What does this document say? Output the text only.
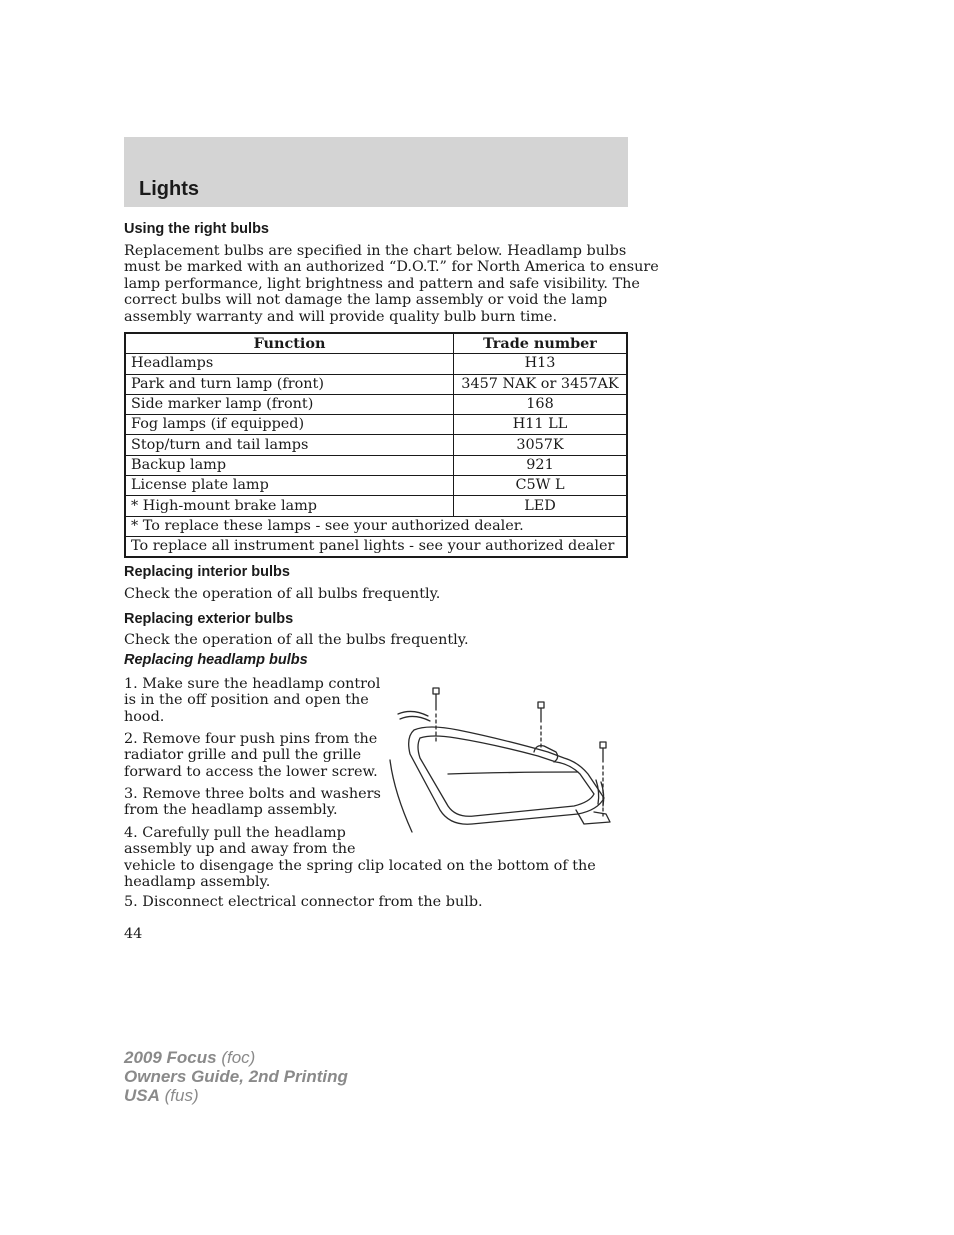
Lights
Using the right bulbs
Replacement bulbs are specified in the chart below. Headlamp bulbs
must be marked with an authorized “D.O.T.” for North America to ensure
lamp performance, light brightness and pattern and safe visibility. The
correct bulbs will not damage the lamp assembly or void the lamp
assembly warranty and will provide quality bulb burn time.
Function	Trade number
Headlamps	H13
Park and turn lamp (front)	3457 NAK or 3457AK
Side marker lamp (front)	168
Fog lamps (if equipped)	H11 LL
Stop/turn and tail lamps	3057K
Backup lamp	921
License plate lamp	C5W L
* High-mount brake lamp	LED
* To replace these lamps - see your authorized dealer.	
To replace all instrument panel lights - see your authorized dealer	
Replacing interior bulbs

Check the operation of all bulbs frequently.

Replacing exterior bulbs

Check the operation of all the bulbs frequently.

Replacing headlamp bulbs
1. Make sure the headlamp control
is in the off position and open the
hood.
2. Remove four push pins from the
radiator grille and pull the grille
forward to access the lower screw.
3. Remove three bolts and washers
from the headlamp assembly.
4. Carefully pull the headlamp
assembly up and away from the
vehicle to disengage the spring clip located on the bottom of the
headlamp assembly.

5. Disconnect electrical connector from the bulb.

44

2009 Focus (foc)
Owners Guide, 2nd Printing
USA (fus)
